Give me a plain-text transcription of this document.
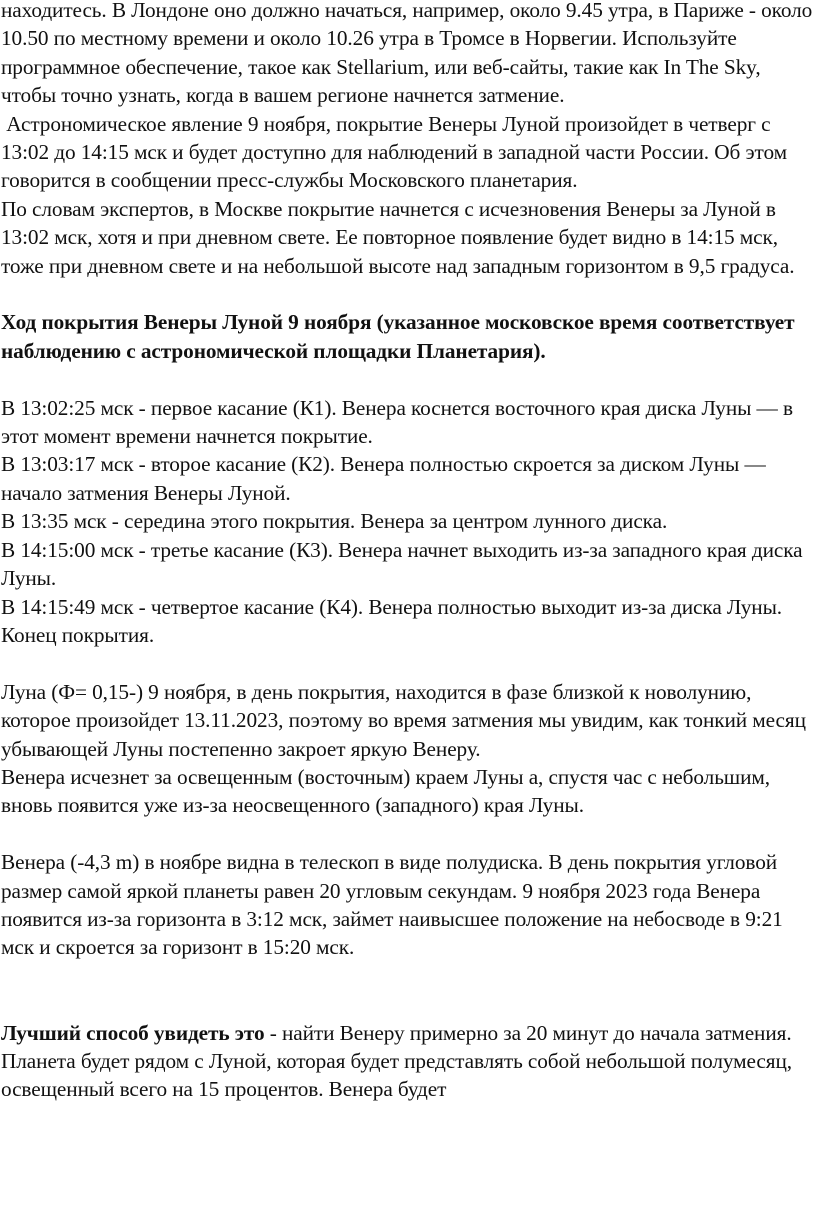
находитесь. В Лондоне оно должно начаться, например, около 9.45 утра, в Париже - около 10.50 по местному времени и около 10.26 утра в Тромсе в Норвегии. Используйте программное обеспечение, такое как Stellarium, или веб-сайты, такие как In The Sky, чтобы точно узнать, когда в вашем регионе начнется затмение.

Астрономическое явление 9 ноября, покрытие Венеры Луной произойдет в четверг с 13:02 до 14:15 мск и будет доступно для наблюдений в западной части России. Об этом говорится в сообщении пресс-службы Московского планетария.

По словам экспертов, в Москве покрытие начнется с исчезновения Венеры за Луной в 13:02 мск, хотя и при дневном свете. Ее повторное появление будет видно в 14:15 мск, тоже при дневном свете и на небольшой высоте над западным горизонтом в 9,5 градуса.

Ход покрытия Венеры Луной 9 ноября (указанное московское время соответствует наблюдению с астрономической площадки Планетария).

В 13:02:25 мск - первое касание (К1). Венера коснется восточного края диска Луны — в этот момент времени начнется покрытие.

В 13:03:17 мск - второе касание (К2). Венера полностью скроется за диском Луны — начало затмения Венеры Луной.

В 13:35 мск - середина этого покрытия. Венера за центром лунного диска.

В 14:15:00 мск - третье касание (К3). Венера начнет выходить из-за западного края диска Луны.

В 14:15:49 мск - четвертое касание (К4). Венера полностью выходит из-за диска Луны. Конец покрытия.

Луна (Ф= 0,15-) 9 ноября, в день покрытия, находится в фазе близкой к новолунию, которое произойдет 13.11.2023, поэтому во время затмения мы увидим, как тонкий месяц убывающей Луны постепенно закроет яркую Венеру.

Венера исчезнет за освещенным (восточным) краем Луны а, спустя час с небольшим, вновь появится уже из-за неосвещенного (западного) края Луны.

Венера (-4,3 m) в ноябре видна в телескоп в виде полудиска. В день покрытия угловой размер самой яркой планеты равен 20 угловым секундам. 9 ноября 2023 года Венера появится из-за горизонта в 3:12 мск, займет наивысшее положение на небосводе в 9:21 мск и скроется за горизонт в 15:20 мск.

Лучший способ увидеть это - найти Венеру примерно за 20 минут до начала затмения. Планета будет рядом с Луной, которая будет представлять собой небольшой полумесяц, освещенный всего на 15 процентов. Венера будет
